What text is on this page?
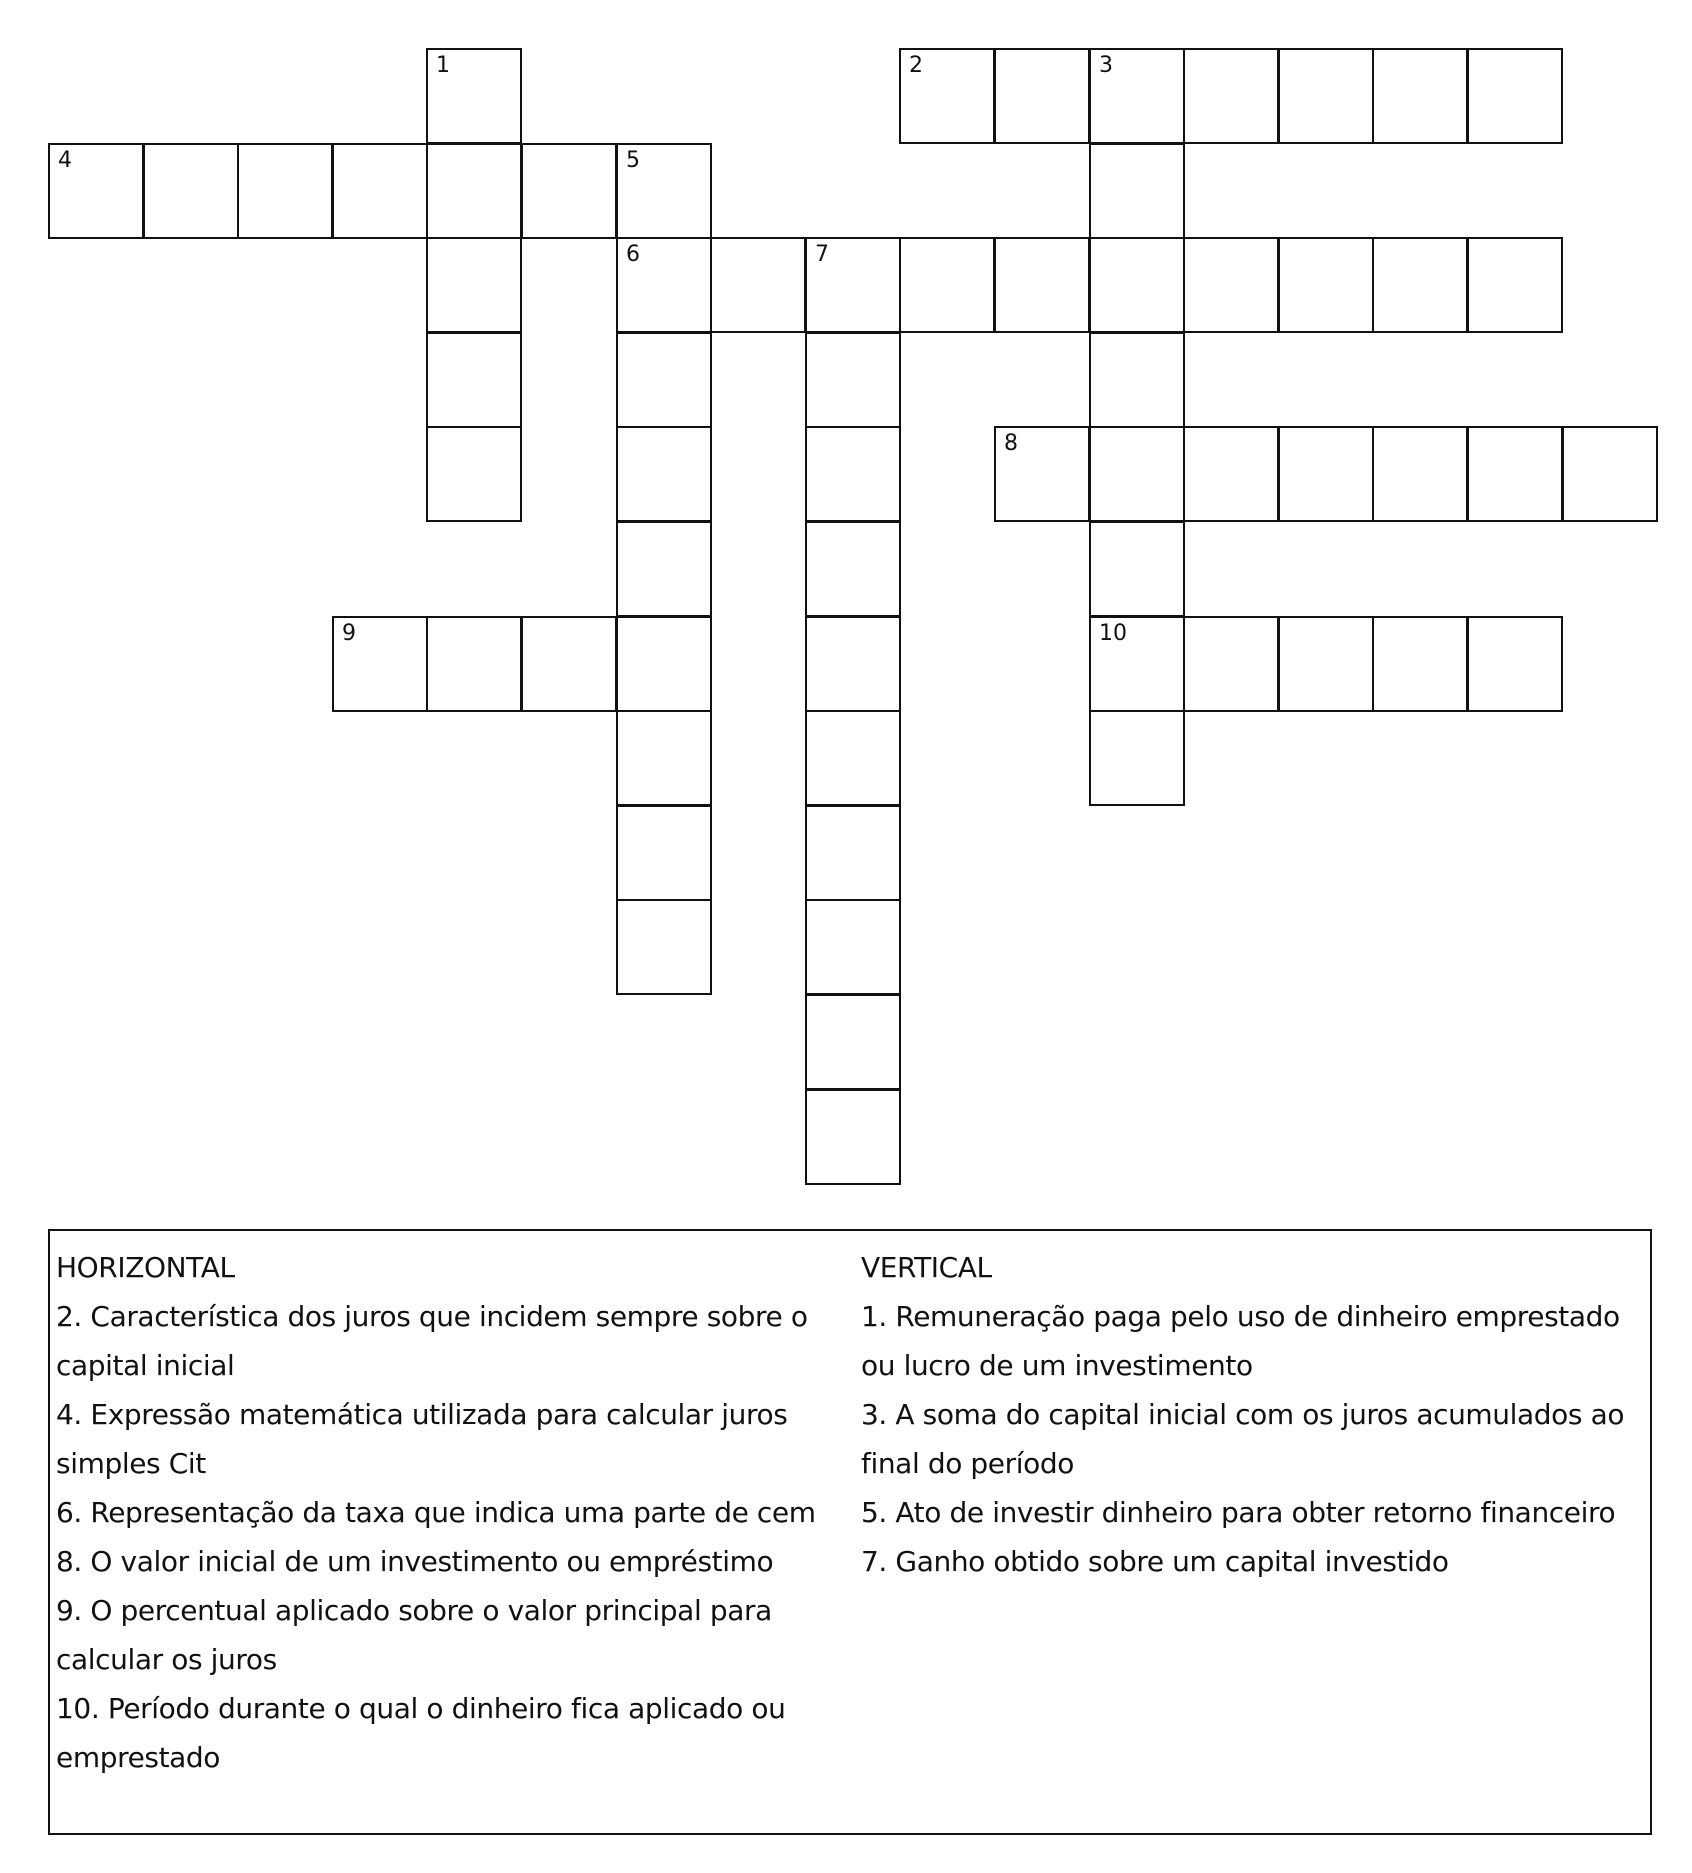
1	2	3
10
4	5
6	7
8
9
HORIZONTAL
2. Característica dos juros que incidem sempre sobre o capital inicial
4. Expressão matemática utilizada para calcular juros simples Cit
6. Representação da taxa que indica uma parte de cem
8. O valor inicial de um investimento ou empréstimo
9. O percentual aplicado sobre o valor principal para calcular os juros
10. Período durante o qual o dinheiro fica aplicado ou emprestado
VERTICAL
1. Remuneração paga pelo uso de dinheiro emprestado ou lucro de um investimento
3. A soma do capital inicial com os juros acumulados ao final do período
5. Ato de investir dinheiro para obter retorno financeiro
7. Ganho obtido sobre um capital investido
